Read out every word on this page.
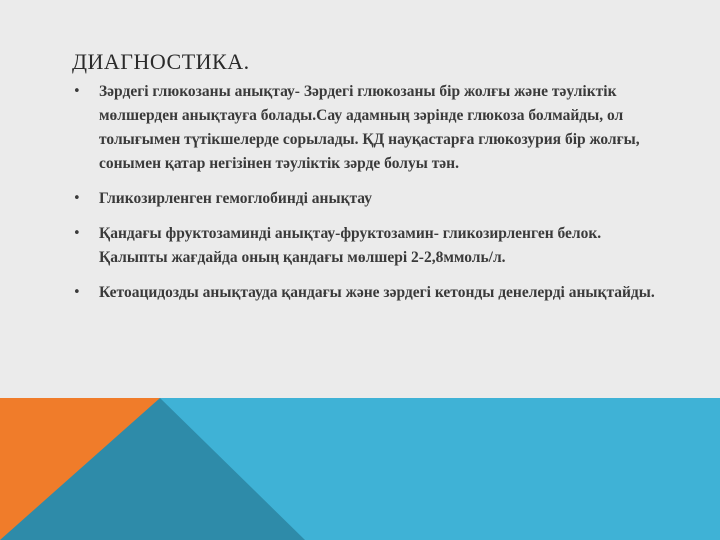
ДИАГНОСТИКА.
• Зәрдегі глюкозаны анықтау- Зәрдегі глюкозаны бір жолғы және тәуліктік мөлшерден анықтауға болады.Сау адамның зәрінде глюкоза болмайды, ол толығымен түтікшелерде сорылады. ҚД науқастарға глюкозурия бір жолғы, сонымен қатар негізінен тәуліктік зәрде болуы тән.
• Гликозирленген гемоглобинді анықтау
• Қандағы фруктозаминді анықтау-фруктозамин- гликозирленген белок. Қалыпты жағдайда оның қандағы мөлшері 2-2,8ммоль/л.
• Кетоацидозды анықтауда қандағы және зәрдегі кетонды денелерді анықтайды.
